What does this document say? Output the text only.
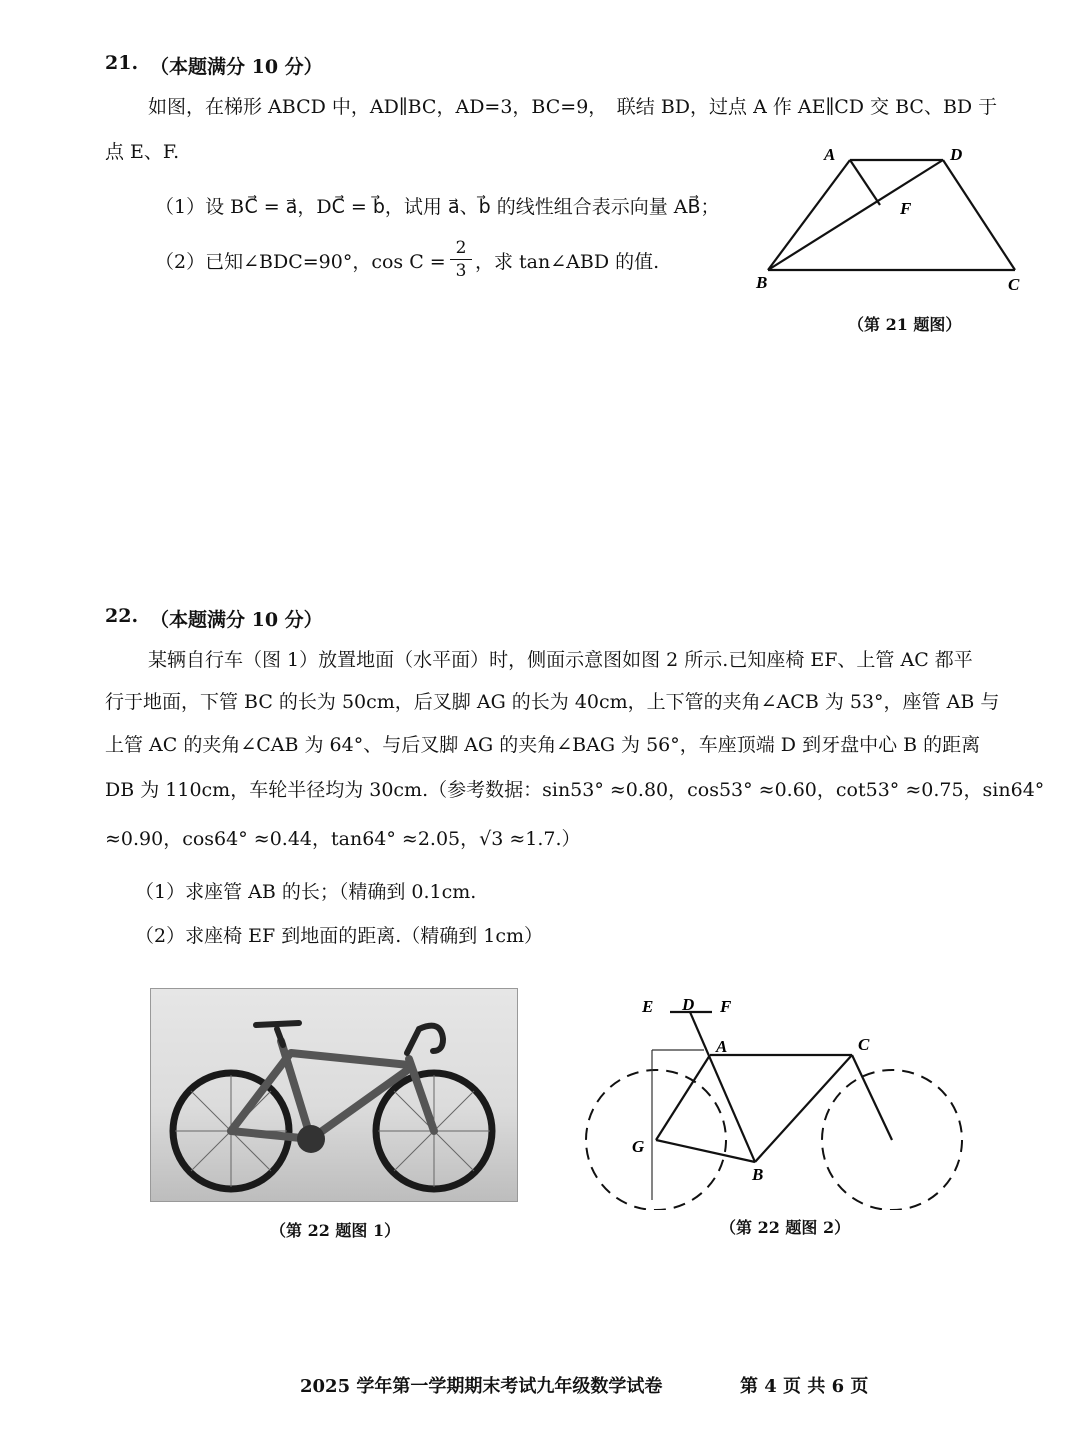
21. （本题满分 10 分）
如图，在梯形 ABCD 中，AD∥BC，AD=3，BC=9，　联结 BD，过点 A 作 AE∥CD 交 BC、BD 于
点 E、F.
（1）设 BC⃗ = a⃗，DC⃗ = b⃗，试用 a⃗、b⃗ 的线性组合表示向量 AB⃗；
（2）已知∠BDC=90°，cos C =
2
3 ，求 tan∠ABD 的值.
A	D
F
B	C
（第 21 题图）
22. （本题满分 10 分）
某辆自行车（图 1）放置地面（水平面）时，侧面示意图如图 2 所示.已知座椅 EF、上管 AC 都平
行于地面，下管 BC 的长为 50cm，后叉脚 AG 的长为 40cm，上下管的夹角∠ACB 为 53°，座管 AB 与
上管 AC 的夹角∠CAB 为 64°、与后叉脚 AG 的夹角∠BAG 为 56°，车座顶端 D 到牙盘中心 B 的距离
DB 为 110cm，车轮半径均为 30cm.（参考数据：sin53° ≈0.80，cos53° ≈0.60，cot53° ≈0.75，sin64°
≈0.90，cos64° ≈0.44，tan64° ≈2.05，√3 ≈1.7.）
（1）求座管 AB 的长；（精确到 0.1cm.
（2）求座椅 EF 到地面的距离.（精确到 1cm）
（第 22 题图 1）
E D F
A	C
G
B
（第 22 题图 2）
2025 学年第一学期期末考试九年级数学试卷	第 4 页 共 6 页
